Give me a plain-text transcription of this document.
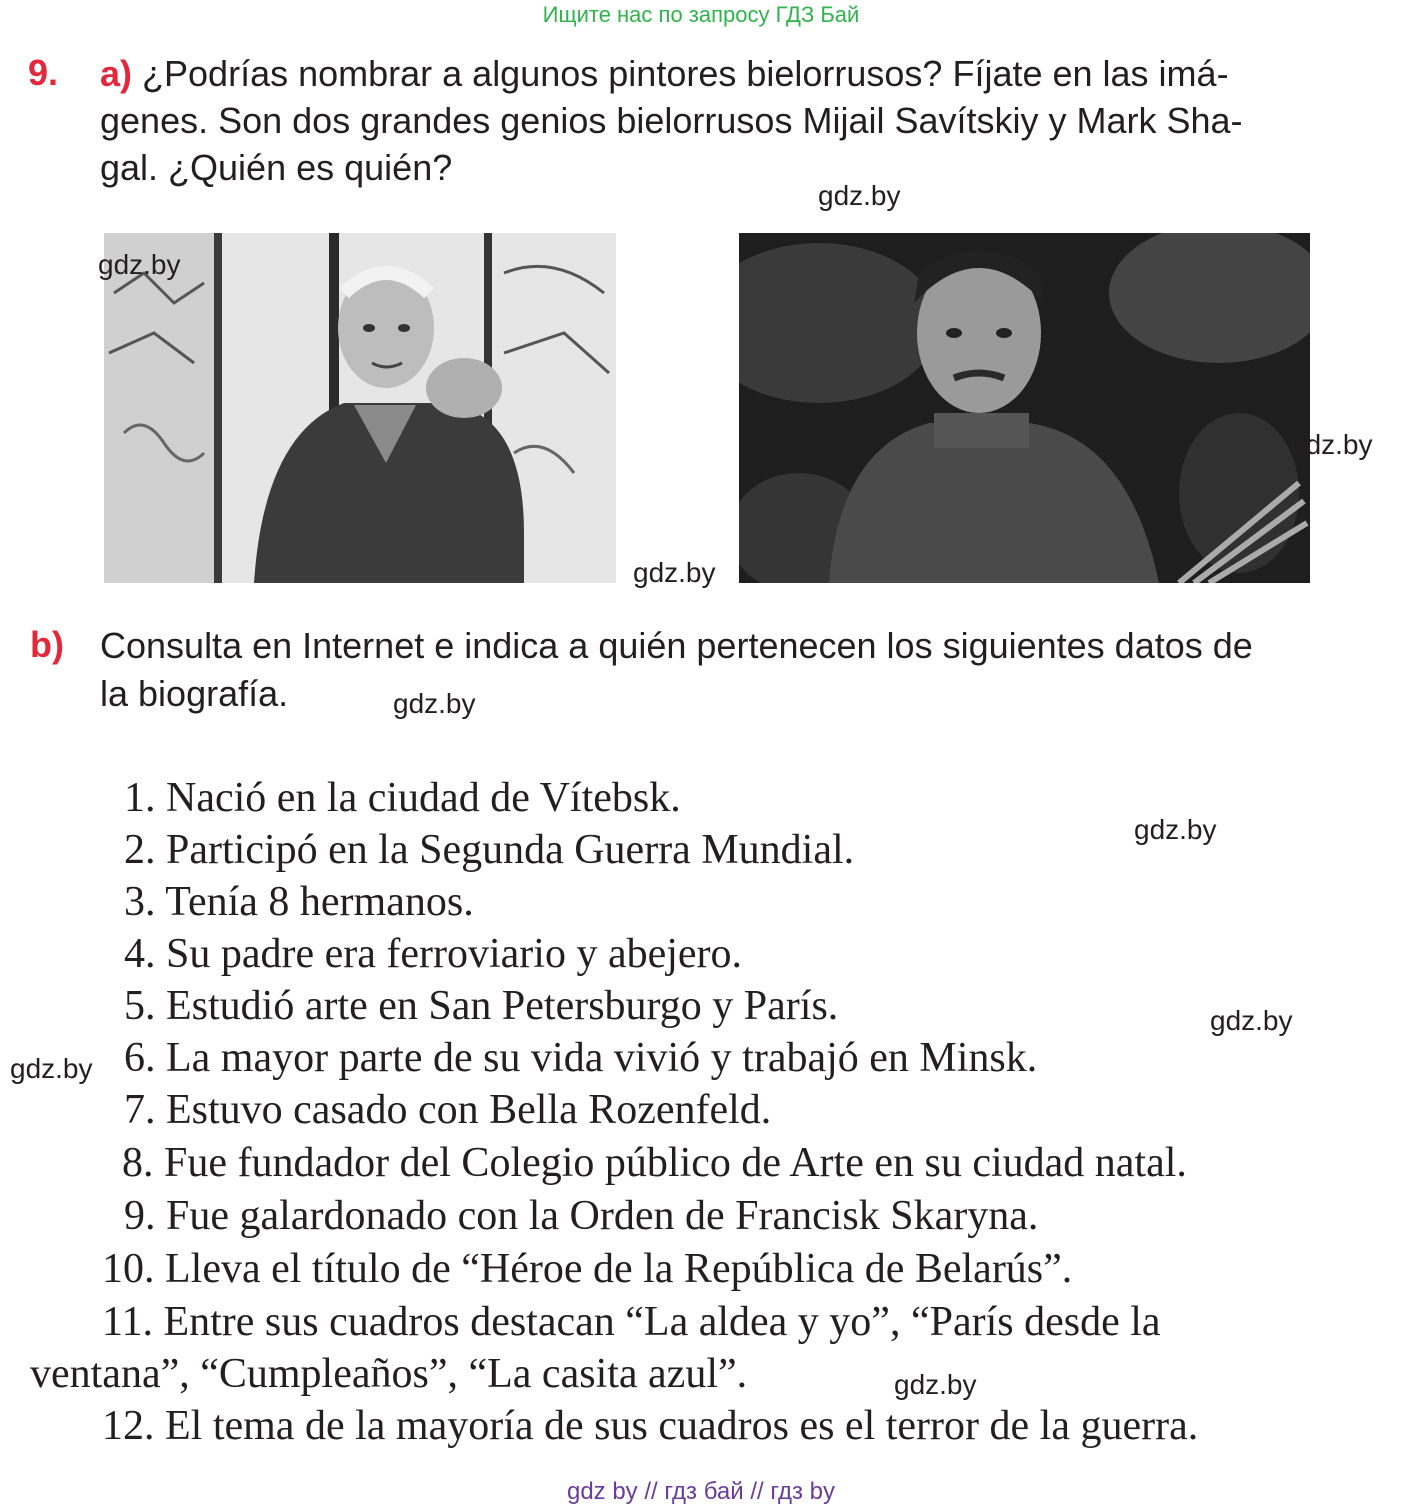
Ищите нас по запросу ГДЗ Бай
9. a) ¿Podrías nombrar a algunos pintores bielorrusos? Fíjate en las imá-
genes. Son dos grandes genios bielorrusos Mijail Savítskiy y Mark Sha-
gal. ¿Quién es quién?
b) Consulta en Internet e indica a quién pertenecen los siguientes datos de
la biografía.
1. Nació en la ciudad de Vítebsk.
2. Participó en la Segunda Guerra Mundial.
3. Tenía 8 hermanos.
4. Su padre era ferroviario y abejero.
5. Estudió arte en San Petersburgo y París.
6. La mayor parte de su vida vivió y trabajó en Minsk.
7. Estuvo casado con Bella Rozenfeld.
8. Fue fundador del Colegio público de Arte en su ciudad natal.
9. Fue galardonado con la Orden de Francisk Skaryna.
10. Lleva el título de “Héroe de la República de Belarús”.
11. Entre sus cuadros destacan “La aldea y yo”, “París desde la
ventana”, “Cumpleaños”, “La casita azul”.
12. El tema de la mayoría de sus cuadros es el terror de la guerra.
gdz.by
gdz.by
gdz.by
gdz.by
gdz.by
gdz.by
gdz.by
gdz.by
gdz.by
gdz by // гдз бай // гдз by
